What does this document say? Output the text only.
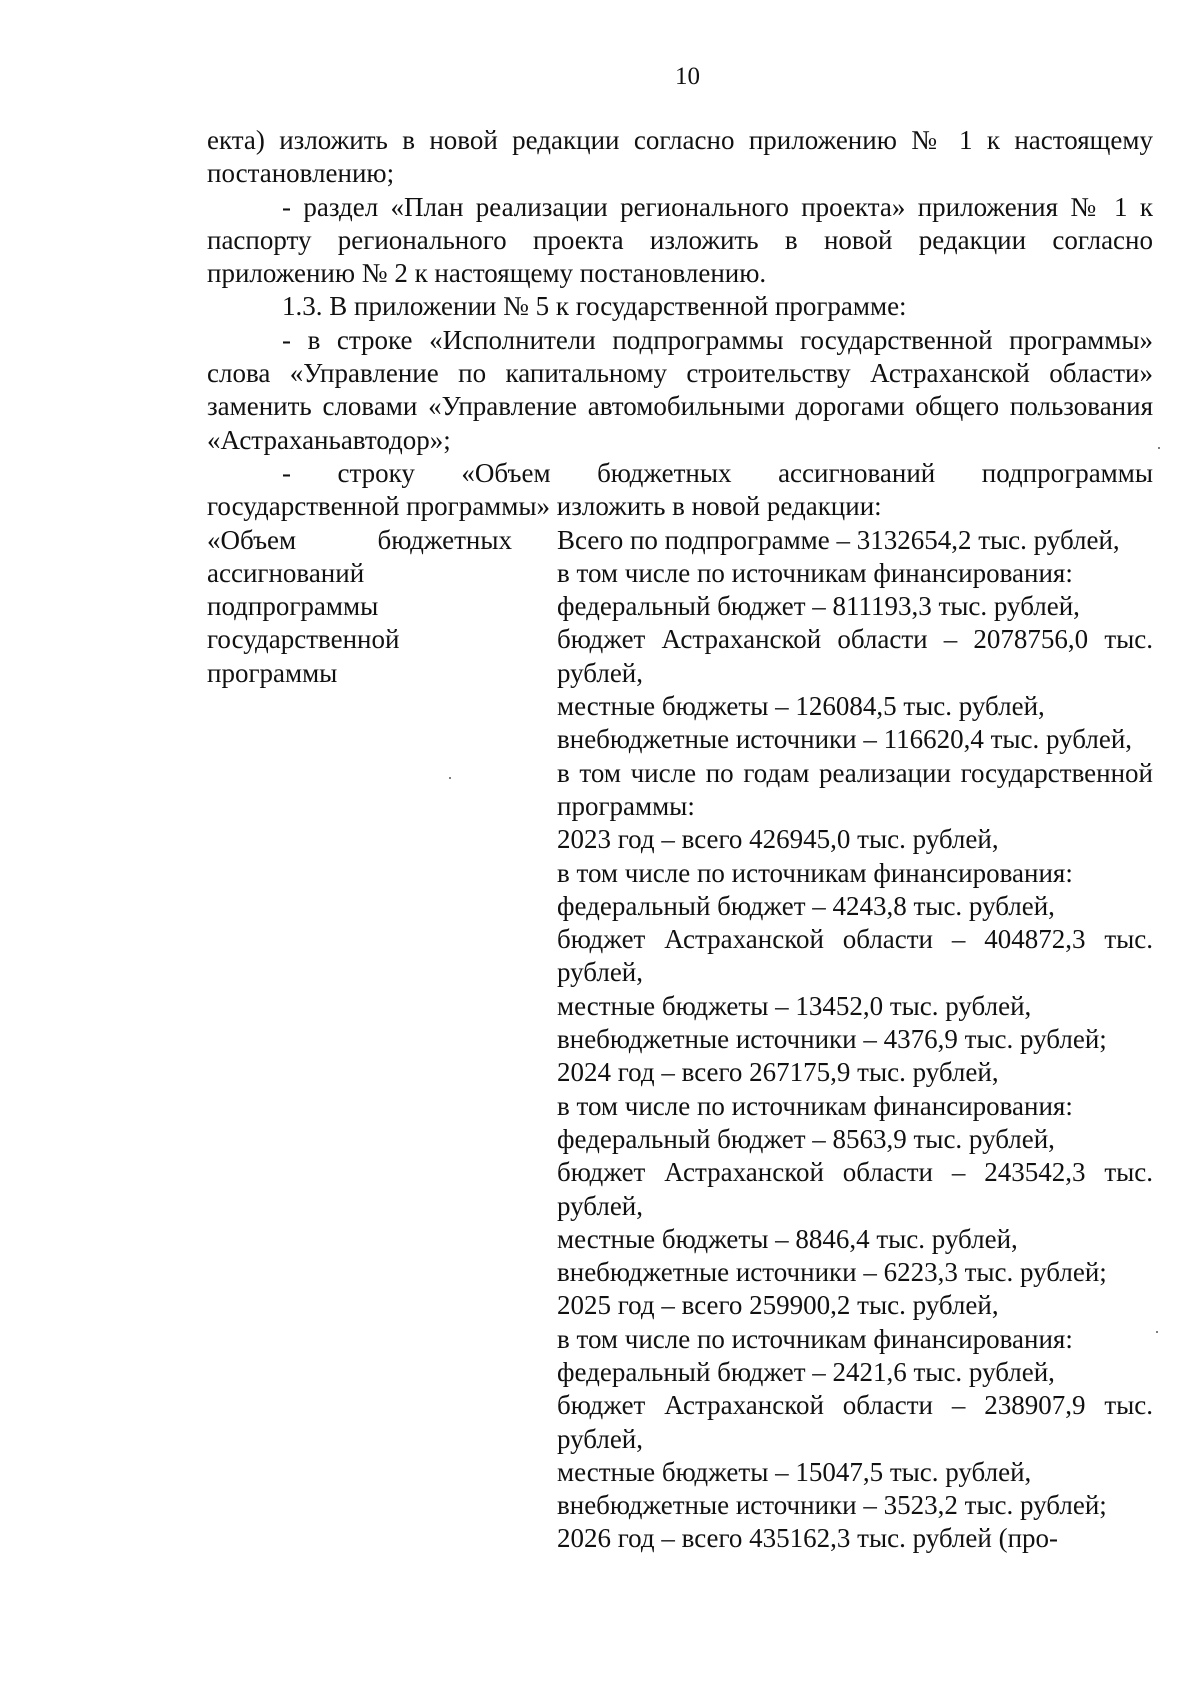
10

екта) изложить в новой редакции согласно приложению № 1 к настоящему постановлению;

- раздел «План реализации регионального проекта» приложения № 1 к паспорту регионального проекта изложить в новой редакции согласно приложению № 2 к настоящему постановлению.

1.3. В приложении № 5 к государственной программе:

- в строке «Исполнители подпрограммы государственной программы» слова «Управление по капитальному строительству Астраханской области» заменить словами «Управление автомобильными дорогами общего пользования «Астраханьавтодор»;

- строку «Объем бюджетных ассигнований подпрограммы государственной программы» изложить в новой редакции:

«Объем бюджетных ассигнований подпрограммы государственной программы
Всего по подпрограмме – 3132654,2 тыс. рублей,
в том числе по источникам финансирования:
федеральный бюджет – 811193,3 тыс. рублей,
бюджет Астраханской области – 2078756,0 тыс. рублей,
местные бюджеты – 126084,5 тыс. рублей,
внебюджетные источники – 116620,4 тыс. рублей,
в том числе по годам реализации государственной программы:
2023 год – всего 426945,0 тыс. рублей,
в том числе по источникам финансирования:
федеральный бюджет – 4243,8 тыс. рублей,
бюджет Астраханской области – 404872,3 тыс. рублей,
местные бюджеты – 13452,0 тыс. рублей,
внебюджетные источники – 4376,9 тыс. рублей;
2024 год – всего 267175,9 тыс. рублей,
в том числе по источникам финансирования:
федеральный бюджет – 8563,9 тыс. рублей,
бюджет Астраханской области – 243542,3 тыс. рублей,
местные бюджеты – 8846,4 тыс. рублей,
внебюджетные источники – 6223,3 тыс. рублей;
2025 год – всего 259900,2 тыс. рублей,
в том числе по источникам финансирования:
федеральный бюджет – 2421,6 тыс. рублей,
бюджет Астраханской области – 238907,9 тыс. рублей,
местные бюджеты – 15047,5 тыс. рублей,
внебюджетные источники – 3523,2 тыс. рублей;
2026 год – всего 435162,3 тыс. рублей (про-
